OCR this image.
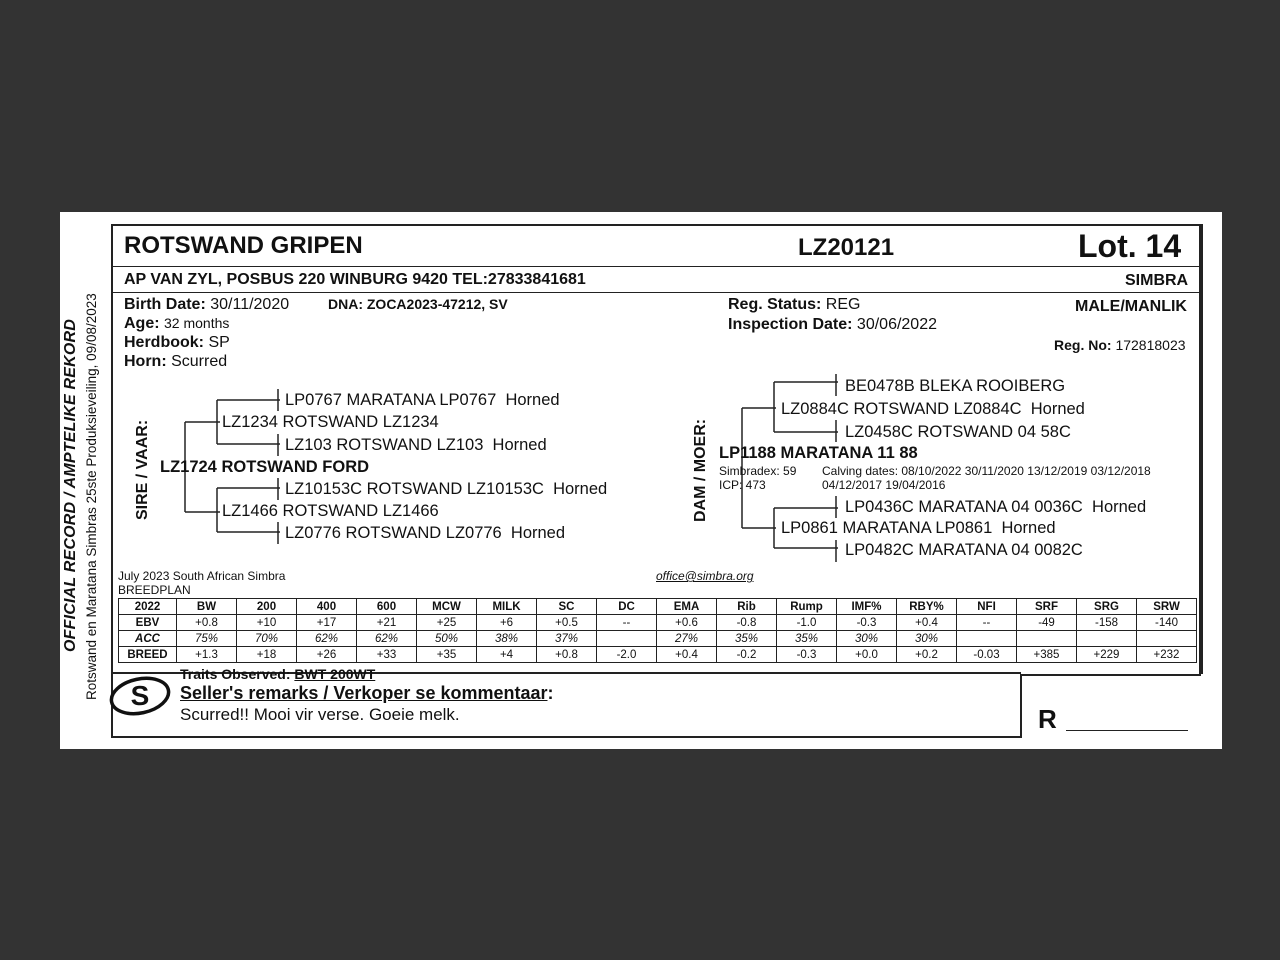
OFFICIAL RECORD / AMPTELIKE REKORD Rotswand en Maratana Simbras 25ste Produksieveiling, 09/08/2023
ROTSWAND GRIPEN	LZ20121	Lot. 14
AP VAN ZYL, POSBUS 220 WINBURG 9420 TEL:27833841681	SIMBRA
Birth Date: 30/11/2020	DNA: ZOCA2023-47212, SV
Age: 32 months
Herdbook: SP
Horn: Scurred
Reg. Status: REG
Inspection Date: 30/06/2022
MALE/MANLIK
Reg. No: 172818023
SIRE / VAAR:
LP0767 MARATANA LP0767 Horned
LZ1234 ROTSWAND LZ1234
LZ103 ROTSWAND LZ103 Horned
LZ1724 ROTSWAND FORD
LZ10153C ROTSWAND LZ10153C Horned
LZ1466 ROTSWAND LZ1466
LZ0776 ROTSWAND LZ0776 Horned
DAM / MOER:
BE0478B BLEKA ROOIBERG
LZ0884C ROTSWAND LZ0884C Horned
LZ0458C ROTSWAND 04 58C
LP1188 MARATANA 11 88
Simbradex: 59
ICP: 473
Calving dates: 08/10/2022 30/11/2020 13/12/2019 03/12/2018
04/12/2017 19/04/2016
LP0436C MARATANA 04 0036C Horned
LP0861 MARATANA LP0861 Horned
LP0482C MARATANA 04 0082C
July 2023 South African Simbra
BREEDPLAN
office@simbra.org
2022	BW	200	400	600	MCW	MILK	SC	DC	EMA	Rib	Rump	IMF%	RBY%	NFI	SRF	SRG	SRW
EBV	+0.8	+10	+17	+21	+25	+6	+0.5	--	+0.6	-0.8	-1.0	-0.3	+0.4	--	-49	-158	-140
ACC	75%	70%	62%	62%	50%	38%	37%		27%	35%	35%	30%	30%				
BREED	+1.3	+18	+26	+33	+35	+4	+0.8	-2.0	+0.4	-0.2	-0.3	+0.0	+0.2	-0.03	+385	+229	+232
S
Traits Observed: BWT 200WT
Seller's remarks / Verkoper se kommentaar:
Scurred!! Mooi vir verse. Goeie melk.	R
